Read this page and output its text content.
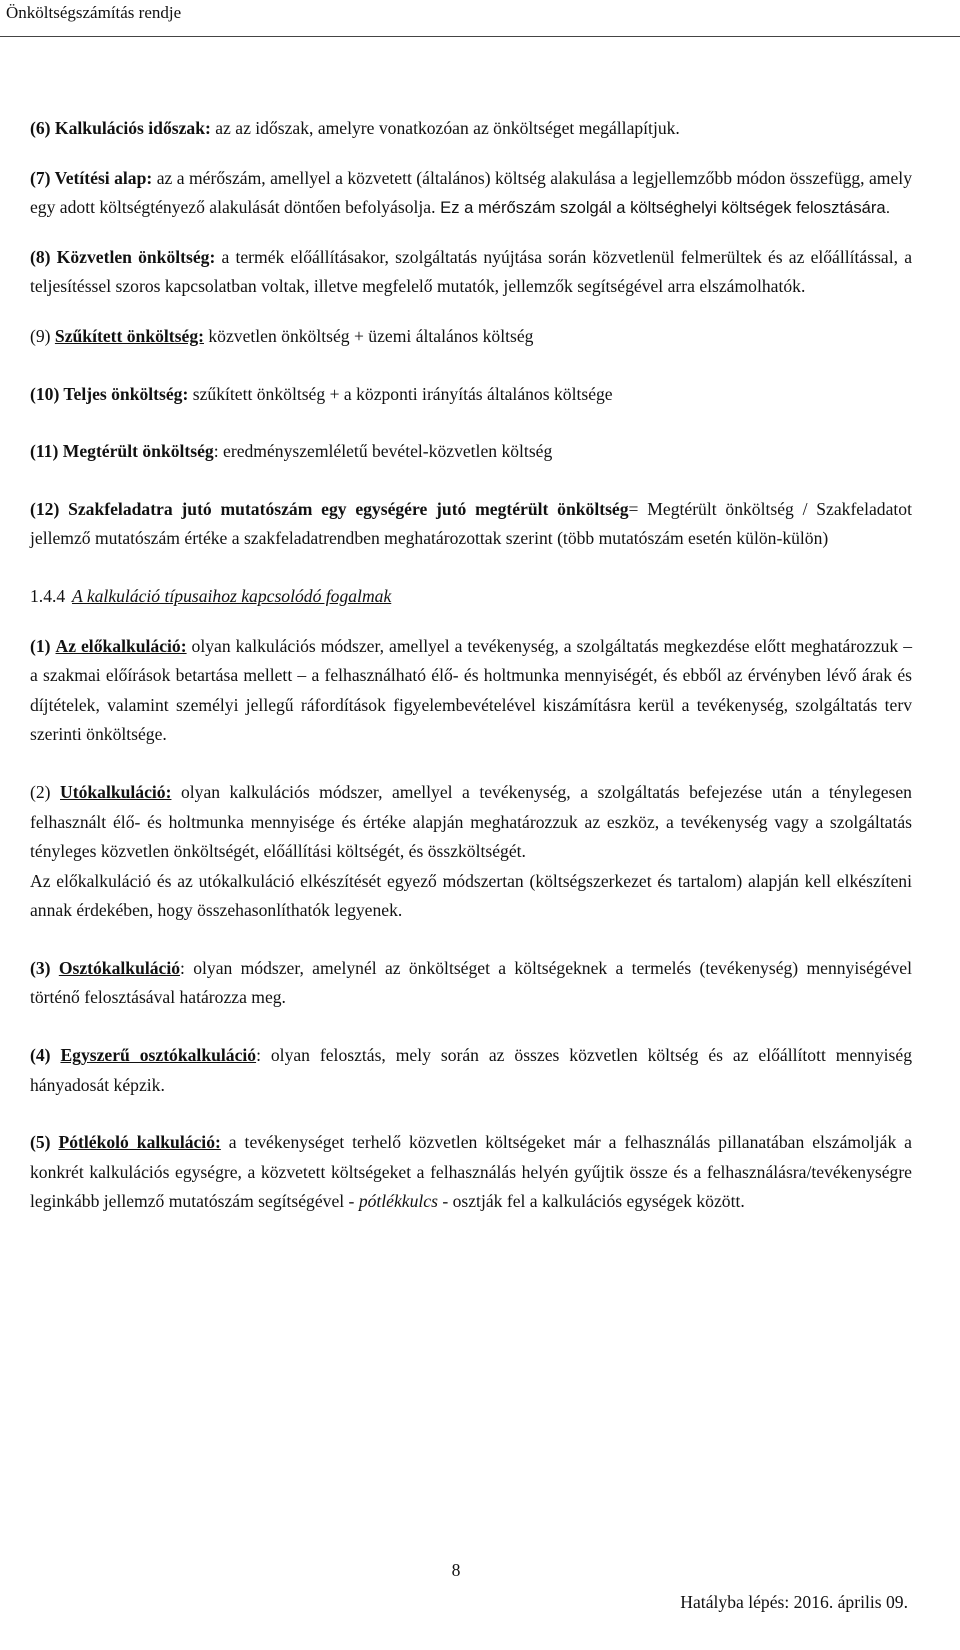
Önköltségszámítás rendje

(6) Kalkulációs időszak: az az időszak, amelyre vonatkozóan az önköltséget megállapítjuk.

(7) Vetítési alap: az a mérőszám, amellyel a közvetett (általános) költség alakulása a legjellemzőbb módon összefügg, amely egy adott költségtényező alakulását döntően befolyásolja. Ez a mérőszám szolgál a költséghelyi költségek felosztására.

(8) Közvetlen önköltség: a termék előállításakor, szolgáltatás nyújtása során közvetlenül felmerültek és az előállítással, a teljesítéssel szoros kapcsolatban voltak, illetve megfelelő mutatók, jellemzők segítségével arra elszámolhatók.

(9) Szűkített önköltség: közvetlen önköltség + üzemi általános költség

(10) Teljes önköltség: szűkített önköltség + a központi irányítás általános költsége

(11) Megtérült önköltség: eredményszemléletű bevétel-közvetlen költség

(12) Szakfeladatra jutó mutatószám egy egységére jutó megtérült önköltség= Megtérült önköltség / Szakfeladatot jellemző mutatószám értéke a szakfeladatrendben meghatározottak szerint (több mutatószám esetén külön-külön)

1.4.4 A kalkuláció típusaihoz kapcsolódó fogalmak

(1) Az előkalkuláció: olyan kalkulációs módszer, amellyel a tevékenység, a szolgáltatás megkezdése előtt meghatározzuk – a szakmai előírások betartása mellett – a felhasználható élő- és holtmunka mennyiségét, és ebből az érvényben lévő árak és díjtételek, valamint személyi jellegű ráfordítások figyelembevételével kiszámításra kerül a tevékenység, szolgáltatás terv szerinti önköltsége.

(2) Utókalkuláció: olyan kalkulációs módszer, amellyel a tevékenység, a szolgáltatás befejezése után a ténylegesen felhasznált élő- és holtmunka mennyisége és értéke alapján meghatározzuk az eszköz, a tevékenység vagy a szolgáltatás tényleges közvetlen önköltségét, előállítási költségét, és összköltségét.

Az előkalkuláció és az utókalkuláció elkészítését egyező módszertan (költségszerkezet és tartalom) alapján kell elkészíteni annak érdekében, hogy összehasonlíthatók legyenek.

(3) Osztókalkuláció: olyan módszer, amelynél az önköltséget a költségeknek a termelés (tevékenység) mennyiségével történő felosztásával határozza meg.

(4) Egyszerű osztókalkuláció: olyan felosztás, mely során az összes közvetlen költség és az előállított mennyiség hányadosát képzik.

(5) Pótlékoló kalkuláció: a tevékenységet terhelő közvetlen költségeket már a felhasználás pillanatában elszámolják a konkrét kalkulációs egységre, a közvetett költségeket a felhasználás helyén gyűjtik össze és a felhasználásra/tevékenységre leginkább jellemző mutatószám segítségével - pótlékkulcs - osztják fel a kalkulációs egységek között.

8
Hatályba lépés: 2016. április 09.
